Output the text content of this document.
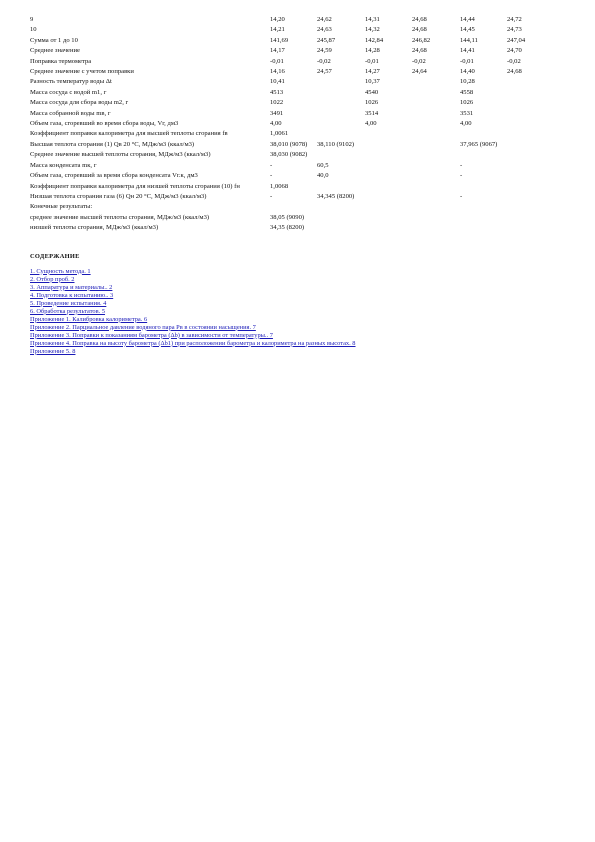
9	14,20	24,62	14,31	24,68	14,44	24,72

10	14,21	24,63	14,32	24,68	14,45	24,73

Сумма от 1 до 10	141,69	245,87	142,84	246,82	144,11	247,04

Среднее значение	14,17	24,59	14,28	24,68	14,41	24,70

Поправка термометра	-0,01	-0,02	-0,01	-0,02	-0,01	-0,02

Среднее значение с учетом поправки	14,16	24,57	14,27	24,64	14,40	24,68

Разность температур воды Δt	10,41		10,37		10,28	

Масса сосуда с водой m1, г	4513		4540		4558	

Масса сосуда для сбора воды m2, г	1022		1026		1026	

Масса собранной воды mв, г	3491		3514		3531	

Объем газа, сгоревший во время сбора воды, Vг, дм3	4,00		4,00		4,00	

Коэффициент поправки калориметра для высшей теплоты сгорания fв	1,0061					

Высшая теплота сгорания (1) Qв 20 °С, МДж/м3 (ккал/м3)	38,010 (9078)	38,110 (9102)			37,965 (9067)	

Среднее значение высшей теплоты сгорания, МДж/м3 (ккал/м3)	38,030 (9082)					

Масса конденсата mк, г	-	60,5			-	

Объем газа, сгоревший за время сбора конденсата Vг.к, дм3	-	40,0			-	

Коэффициент поправки калориметра для низшей теплоты сгорания (10) fн	1,0068					

Низшая теплота сгорания газа (6) Qн 20 °С, МДж/м3 (ккал/м3)	-	34,345 (8200)			-	

Конечные результаты:						

среднее значение высшей теплоты сгорания, МДж/м3 (ккал/м3)	38,05 (9090)					

низшей теплоты сгорания, МДж/м3 (ккал/м3)	34,35 (8200)					

СОДЕРЖАНИЕ
1. Сущность метода. 1
2. Отбор проб. 2
3. Аппаратура и материалы.. 2
4. Подготовка к испытанию.. 3
5. Проведение испытания. 4
6. Обработка результатов. 5
Приложение 1. Калибровка калориметра. 6
Приложение 2. Парциальное давление водяного пара Рв в состоянии насыщения. 7
Приложение 3. Поправки к показаниям барометра (Δb) в зависимости от температуры.. 7
Приложение 4. Поправка на высоту барометра (Δb1) при расположении барометра и калориметра на разных высотах. 8
Приложение 5. 8
